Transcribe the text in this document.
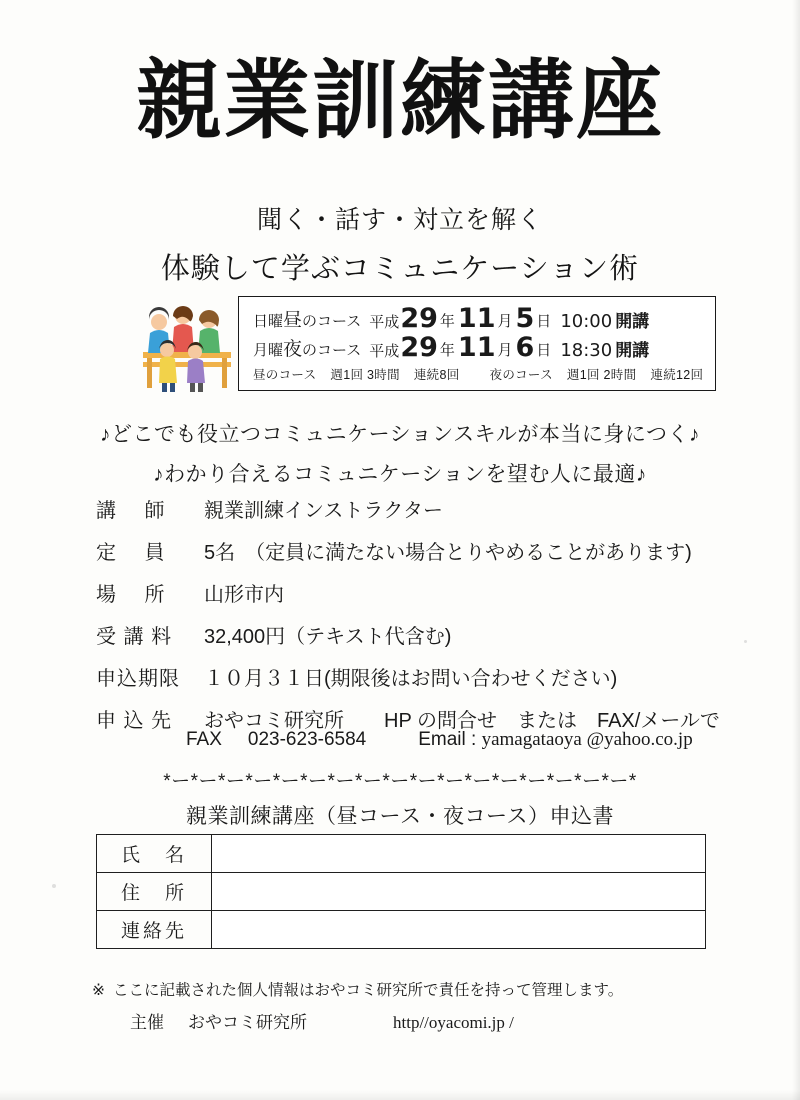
親業訓練講座
聞く・話す・対立を解く
体験して学ぶコミュニケーション術
日曜昼のコース 平成 29 年 11 月 5 日 10:00 開講
月曜夜のコース 平成 29 年 11 月 6 日 18:30 開講
昼のコース 週1回 3時間 連続8回 夜のコース 週1回 2時間 連続12回
♪どこでも役立つコミュニケーションスキルが本当に身につく♪
♪わかり合えるコミュニケーションを望む人に最適♪
講　 師	親業訓練インストラクター
定　 員	5名 （定員に満たない場合とりやめることがあります)
場　 所	山形市内
受 講 料	32,400円（テキスト代含む)
申込期限	１０月３１日 (期限後はお問い合わせください)
申 込 先	おやコミ研究所　　HP の問合せ　または　FAX/メールで
FAX 023-623-6584	Email : yamagataoya @yahoo.co.jp
*ー*ー*ー*ー*ー*ー*ー*ー*ー*ー*ー*ー*ー*ー*ー*ー*ー*
親業訓練講座（昼コース・夜コース）申込書
氏　名	
住　所	
連絡先	
※ ここに記載された個人情報はおやコミ研究所で責任を持って管理します。
主催 おやコミ研究所	http//oyacomi.jp /
